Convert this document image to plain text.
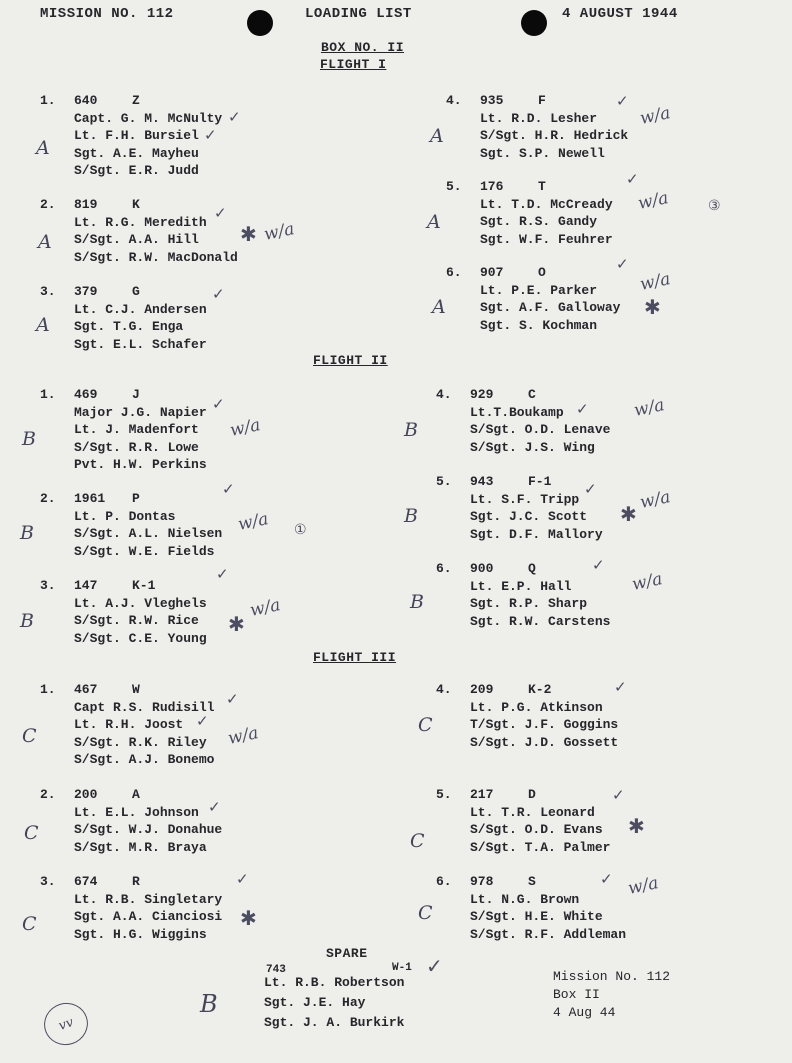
MISSION NO. 112	LOADING LIST	4 AUGUST 1944
BOX NO. II
FLIGHT I
FLIGHT II
FLIGHT III
1.	640	Z
Capt. G. M. McNulty
Lt. F.H. Bursiel
Sgt. A.E. Mayheu
S/Sgt. E.R. Judd
2.	819	K
Lt. R.G. Meredith
S/Sgt. A.A. Hill
S/Sgt. R.W. MacDonald
3.	379	G
Lt. C.J. Andersen
Sgt. T.G. Enga
Sgt. E.L. Schafer
4.	935	F
Lt. R.D. Lesher
S/Sgt. H.R. Hedrick
Sgt. S.P. Newell
5.	176	T
Lt. T.D. McCready
Sgt. R.S. Gandy
Sgt. W.F. Feuhrer
6.	907	O
Lt. P.E. Parker
Sgt. A.F. Galloway
Sgt. S. Kochman
1.	469	J
Major J.G. Napier
Lt. J. Madenfort
S/Sgt. R.R. Lowe
Pvt. H.W. Perkins
2.	1961	P
Lt. P. Dontas
S/Sgt. A.L. Nielsen
S/Sgt. W.E. Fields
3.	147	K-1
Lt. A.J. Vleghels
S/Sgt. R.W. Rice
S/Sgt. C.E. Young
4.	929	C
Lt.T.Boukamp
S/Sgt. O.D. Lenave
S/Sgt. J.S. Wing
5.	943	F-1
Lt. S.F. Tripp
Sgt. J.C. Scott
Sgt. D.F. Mallory
6.	900	Q
Lt. E.P. Hall
Sgt. R.P. Sharp
Sgt. R.W. Carstens
1.	467	W
Capt R.S. Rudisill
Lt. R.H. Joost
S/Sgt. R.K. Riley
S/Sgt. A.J. Bonemo
2.	200	A
Lt. E.L. Johnson
S/Sgt. W.J. Donahue
S/Sgt. M.R. Braya
3.	674	R
Lt. R.B. Singletary
Sgt. A.A. Cianciosi
Sgt. H.G. Wiggins
4.	209	K-2
Lt. P.G. Atkinson
T/Sgt. J.F. Goggins
S/Sgt. J.D. Gossett
5.	217	D
Lt. T.R. Leonard
S/Sgt. O.D. Evans
S/Sgt. T.A. Palmer
6.	978	S
Lt. N.G. Brown
S/Sgt. H.E. White
S/Sgt. R.F. Addleman
SPARE
743	W-1
Lt. R.B. Robertson
Sgt. J.E. Hay
Sgt. J. A. Burkirk
Mission No. 112
Box II
4 Aug 44
A
A
A
A
A
A
B
B
B
B
B
B
B
C
C
C
C
C
C
w/a
w/a
w/a
w/a
w/a
w/a
w/a
w/a
w/a
w/a
w/a
w/a
✱
✱
✱
✱
✱
✱
✓
✓
✓
✓
✓
✓
✓
✓
✓
✓
✓
✓
✓
✓
✓
✓
✓
✓
✓
✓
✓
①
③
vv
